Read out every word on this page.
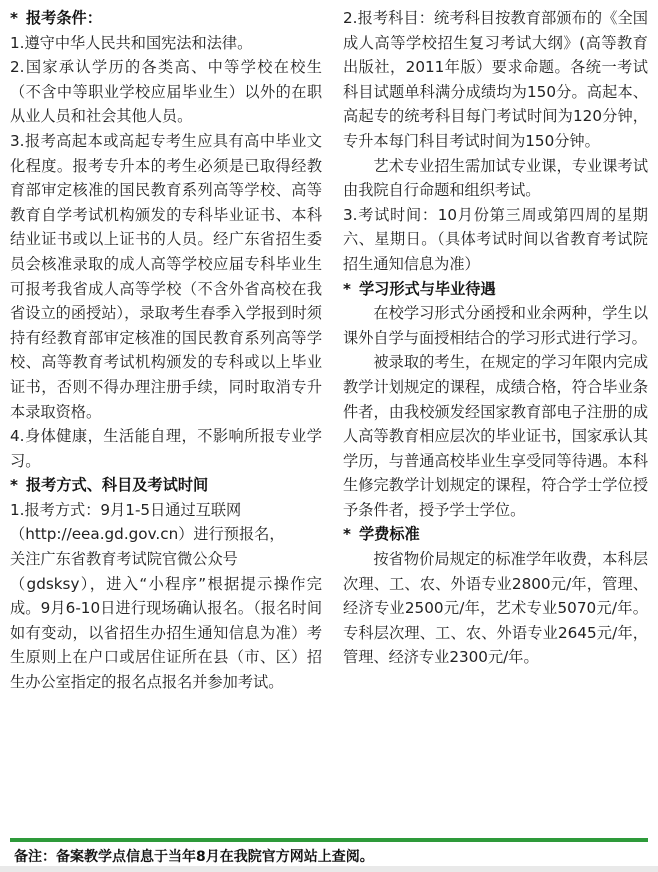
* 报考条件：
1.遵守中华人民共和国宪法和法律。
2.国家承认学历的各类高、中等学校在校生（不含中等职业学校应届毕业生）以外的在职从业人员和社会其他人员。
3.报考高起本或高起专考生应具有高中毕业文化程度。报考专升本的考生必须是已取得经教育部审定核准的国民教育系列高等学校、高等教育自学考试机构颁发的专科毕业证书、本科结业证书或以上证书的人员。经广东省招生委员会核准录取的成人高等学校应届专科毕业生可报考我省成人高等学校（不含外省高校在我省设立的函授站），录取考生春季入学报到时须持有经教育部审定核准的国民教育系列高等学校、高等教育考试机构颁发的专科或以上毕业证书，否则不得办理注册手续，同时取消专升本录取资格。
4.身体健康，生活能自理，不影响所报专业学习。
* 报考方式、科目及考试时间
1.报考方式：9月1-5日通过互联网
（http://eea.gd.gov.cn）进行预报名，
关注广东省教育考试院官微公众号
（gdsksy），进入“小程序”根据提示操作完成。9月6-10日进行现场确认报名。（报名时间如有变动，以省招生办招生通知信息为准）考生原则上在户口或居住证所在县（市、区）招生办公室指定的报名点报名并参加考试。
2.报考科目：统考科目按教育部颁布的《全国成人高等学校招生复习考试大纲》(高等教育出版社，2011年版）要求命题。各统一考试科目试题单科满分成绩均为150分。高起本、高起专的统考科目每门考试时间为120分钟，专升本每门科目考试时间为150分钟。
艺术专业招生需加试专业课，专业课考试由我院自行命题和组织考试。
3.考试时间：10月份第三周或第四周的星期六、星期日。（具体考试时间以省教育考试院招生通知信息为准）
* 学习形式与毕业待遇
在校学习形式分函授和业余两种，学生以课外自学与面授相结合的学习形式进行学习。
被录取的考生，在规定的学习年限内完成教学计划规定的课程，成绩合格，符合毕业条件者，由我校颁发经国家教育部电子注册的成人高等教育相应层次的毕业证书，国家承认其学历，与普通高校毕业生享受同等待遇。本科生修完教学计划规定的课程，符合学士学位授予条件者，授予学士学位。
* 学费标准
按省物价局规定的标准学年收费，本科层次理、工、农、外语专业2800元/年，管理、经济专业2500元/年，艺术专业5070元/年。专科层次理、工、农、外语专业2645元/年，管理、经济专业2300元/年。
备注：备案教学点信息于当年8月在我院官方网站上查阅。
